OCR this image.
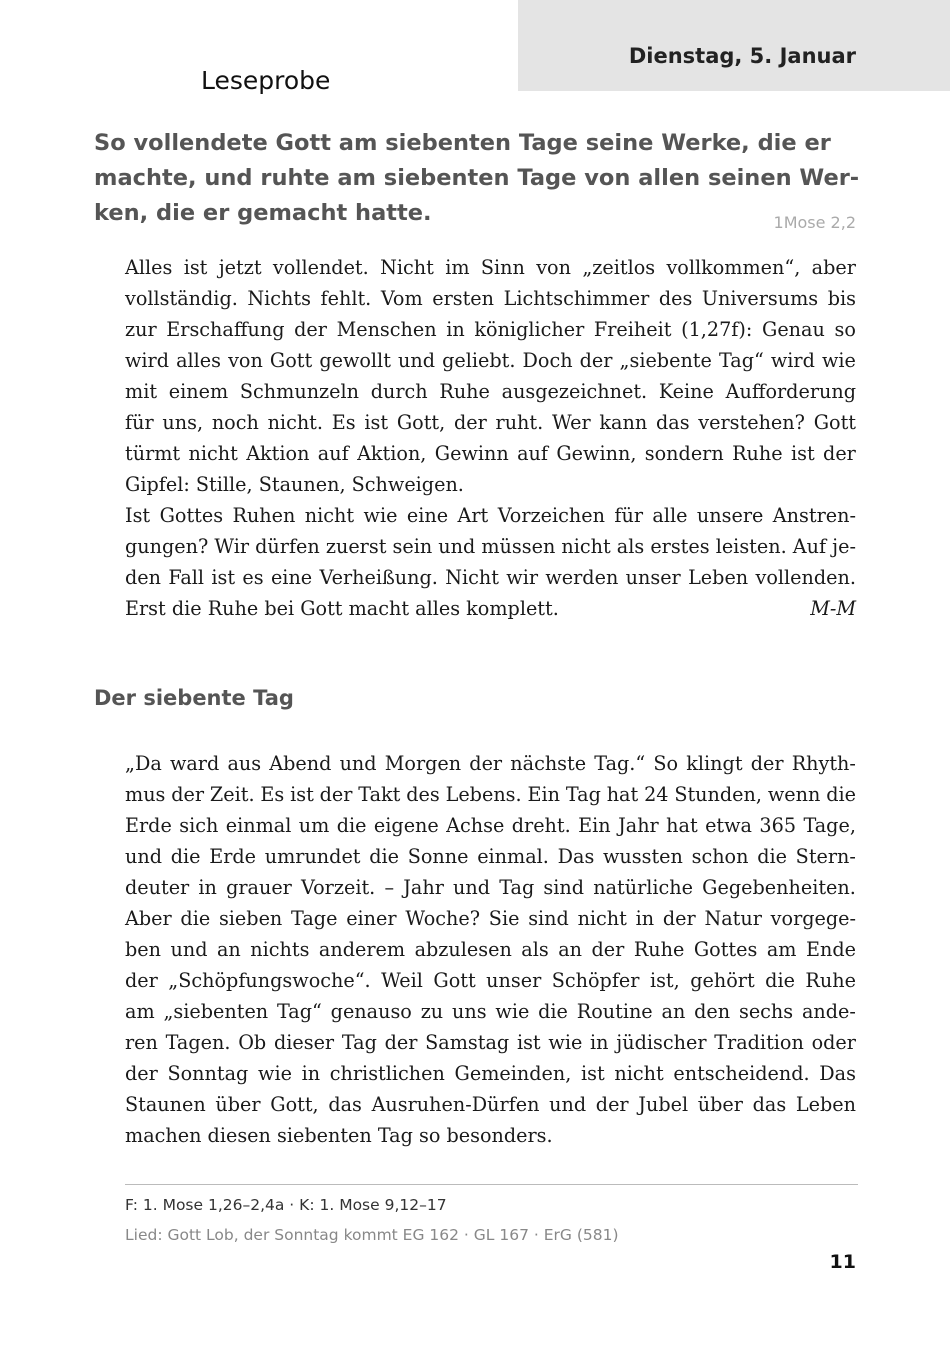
Dienstag, 5. Januar
Leseprobe
So vollendete Gott am siebenten Tage seine Werke, die er
machte, und ruhte am siebenten Tage von allen seinen Wer-
ken, die er gemacht hatte.	1Mose 2,2
Alles ist jetzt vollendet. Nicht im Sinn von „zeitlos vollkommen“, aber
vollständig. Nichts fehlt. Vom ersten Lichtschimmer des Universums bis
zur Erschaffung der Menschen in königlicher Freiheit (1,27f): Genau so
wird alles von Gott gewollt und geliebt. Doch der „siebente Tag“ wird wie
mit einem Schmunzeln durch Ruhe ausgezeichnet. Keine Aufforderung
für uns, noch nicht. Es ist Gott, der ruht. Wer kann das verstehen? Gott
türmt nicht Aktion auf Aktion, Gewinn auf Gewinn, sondern Ruhe ist der
Gipfel: Stille, Staunen, Schweigen.
Ist Gottes Ruhen nicht wie eine Art Vorzeichen für alle unsere Anstren-
gungen? Wir dürfen zuerst sein und müssen nicht als erstes leisten. Auf je-
den Fall ist es eine Verheißung. Nicht wir werden unser Leben vollenden.
Erst die Ruhe bei Gott macht alles komplett.	M-M
Der siebente Tag
„Da ward aus Abend und Morgen der nächste Tag.“ So klingt der Rhyth-
mus der Zeit. Es ist der Takt des Lebens. Ein Tag hat 24 Stunden, wenn die
Erde sich einmal um die eigene Achse dreht. Ein Jahr hat etwa 365 Tage,
und die Erde umrundet die Sonne einmal. Das wussten schon die Stern-
deuter in grauer Vorzeit. – Jahr und Tag sind natürliche Gegebenheiten.
Aber die sieben Tage einer Woche? Sie sind nicht in der Natur vorgege-
ben und an nichts anderem abzulesen als an der Ruhe Gottes am Ende
der „Schöpfungswoche“. Weil Gott unser Schöpfer ist, gehört die Ruhe
am „siebenten Tag“ genauso zu uns wie die Routine an den sechs ande-
ren Tagen. Ob dieser Tag der Samstag ist wie in jüdischer Tradition oder
der Sonntag wie in christlichen Gemeinden, ist nicht entscheidend. Das
Staunen über Gott, das Ausruhen-Dürfen und der Jubel über das Leben
machen diesen siebenten Tag so besonders.
F: 1. Mose 1,26–2,4a · K: 1. Mose 9,12–17
Lied: Gott Lob, der Sonntag kommt EG 162 · GL 167 · ErG (581)
11
